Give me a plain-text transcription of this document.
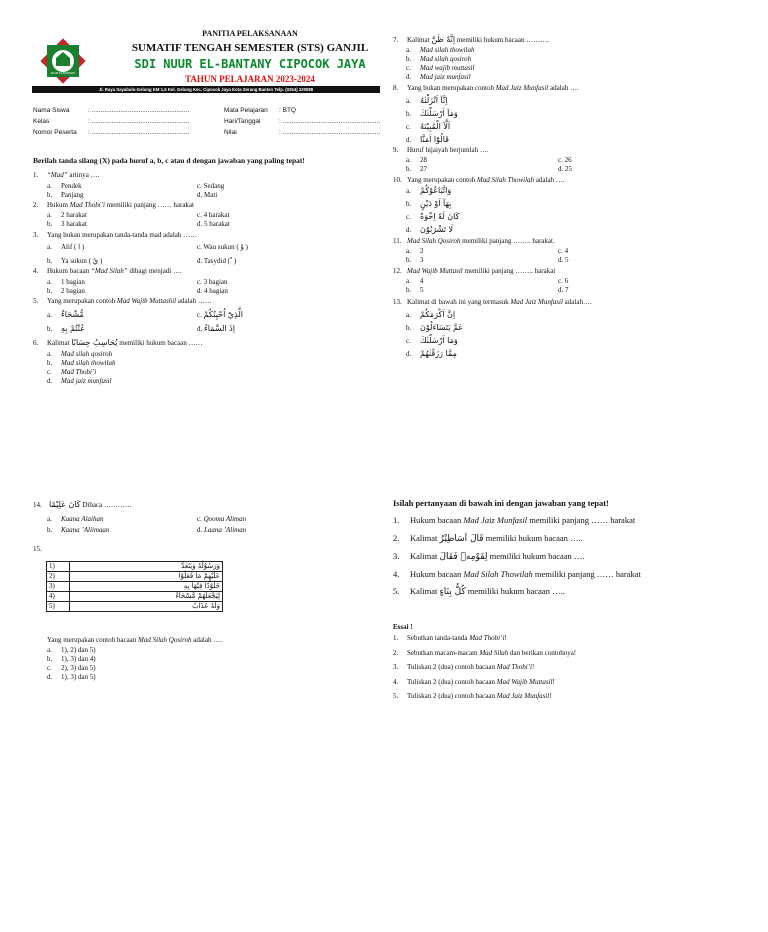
NUUR EL-BANTANY
PANITIA PELAKSANAAN
SUMATIF TENGAH SEMESTER (STS) GANJIL
SDI NUUR EL-BANTANY CIPOCOK JAYA
TAHUN PELAJARAN 2023-2024
Jl. Raya Sayabulu-Gelung KM 1,5 Kel. Gelung Kec. Cipocok Jaya Kota Serang Banten Telp. (0254) 220088
Nama Siswa	: ......................................................
Kelas	: ......................................................
Nomor Peserta	: ......................................................
Mata Pelajaran	: BTQ
Hari/Tanggal	: ......................................................
Nilai	: ......................................................
Berilah tanda silang (X) pada huruf a, b, c atau d dengan jawaban yang paling tepat!
1. “Mad” artinya ….
a. Pendek
b. Panjang
c. Sedang
d. Mati
2. Hukum Mad Thobi’i memiliki panjang …… harakat
a. 2 harakat
b. 3 harakat
c. 4 harakat
d. 5 harakat
3. Yang bukan merupakan tanda-tanda mad adalah ……
a. Alif ( ا )
b. Ya sukun ( يْ )
c. Wau sukun ( وْ )
d. Tasydid ( ّ )
4. Hukum bacaan “Mad Silah” dibagi menjadi ….
a. 1 bagian
b. 2 bagian
c. 3 bagian
d. 4 bagian
5. Yang merupakan contoh Mad Wajib Muttashil adalah ……
a. مُّشْحَاءٌ
b. عُنْتُمْ بِهِ
c. الَّذِيْٓ اُحْيِتُكُمْ
d. اِذَ السَّمَاءُ
6. Kalimat يُحَاسِبُ حِسَابًا memiliki hukum bacaan ……
a. Mad silah qosiroh
b. Mad silah thowilah
c. Mad Thobi’i
d. Mad jaiz munfasil
7. Kalimat اِنَّهٗ ظَنَّ memiliki hukum bacaan ……….
a. Mad silah thowilah
b. Mad silah qosiroh
c. Mad wajib muttasil
d. Mad jaiz munfasil
8. Yang bukan merupakan contoh Mad Jaiz Munfasil adalah ….
a. اِنَّآ اَنْزَلْنٰهُ
b. وَمَآ اَرْسَلْنٰكَ
c. اَلَّآ الْمُبِيْنَهُ
d. قَالُوْٓا اَمَنَّا
9. Huruf hijaiyah berjumlah ….
a. 28
b. 27
c. 26
d. 25
10. Yang merupakan contoh Mad Silah Thowilah adalah ….
a. وَاتَّبَاعُوْكُمْ
b. بِهَآ اَوْ دَيْنٍ
c. كَانَ لَهٗ اِخْوَةٌ
d. لَا تَشْرَبُوْنَ
11. Mad Silah Qosiroh memiliki panjang …….. harakat.
a. 2
b. 3
c. 4
d. 5
12. Mad Wajib Muttasil memiliki panjang …….. harakat
a. 4
b. 5
c. 6
d. 7
13. Kalimat di bawah ini yang termasuk Mad Jaiz Munfasil adalah….
a. اِنَّ اَكْرَمَكُمْ
b. عَمَّ يَتَسَاءَلُوْنَ
c. وَمَا اَرْسَلْنٰكَ
d. مِمَّا رَزَقْنٰهُمْ
14. كَانَ عَلِيْمًا Dibaca …………
a. Kaana Alaihan
b. Kaana ’Aliimaan
c. Qooma Aliman
d. Laana ’Aliman
15.
1)	وَرَسُوْلُهٗ وَيَتَعَدَّ
2)	عَلَيْهِمْ مَا فَعَلُوْا
3)	خَلُوْدًا فِيْهَا بِهِ
4)	لِيَجْعَلَهُمْ مُّسْحَاءً
5)	وَلَهٗ عَذَابٌ
Yang merupakan contoh bacaan Mad Silah Qosiroh adalah ….
a. 1), 2) dan 5)
b. 1), 3) dan 4)
c. 2), 3) dan 5)
d. 1), 3) dan 5)
Isilah pertanyaan di bawah ini dengan jawaban yang tepat!
1. Hukum bacaan Mad Jaiz Munfasil memiliki panjang …… harakat
2. Kalimat قَالَ اَسَاطِيْرُ memiliki hukum bacaan …..
3. Kalimat لِقَوْمِهٖ فَقَالَ memiliki hukum bacaan ….
4. Hukum bacaan Mad Silah Thowilah memiliki panjang …… harakat
5. Kalimat كُلُّ بِنَاءٍ memiliki hukum bacaan …..
Essai !
1. Sebutkan tanda-tanda Mad Thobi’i!
2. Sebutkan macam-macam Mad Silah dan berikan contohnya!
3. Tuliskan 2 (dua) contoh bacaan Mad Thobi’i!
4. Tuliskan 2 (dua) contoh bacaan Mad Wajib Muttasil!
5. Tuliskan 2 (dua) contoh bacaan Mad Jaiz Munfasil!
